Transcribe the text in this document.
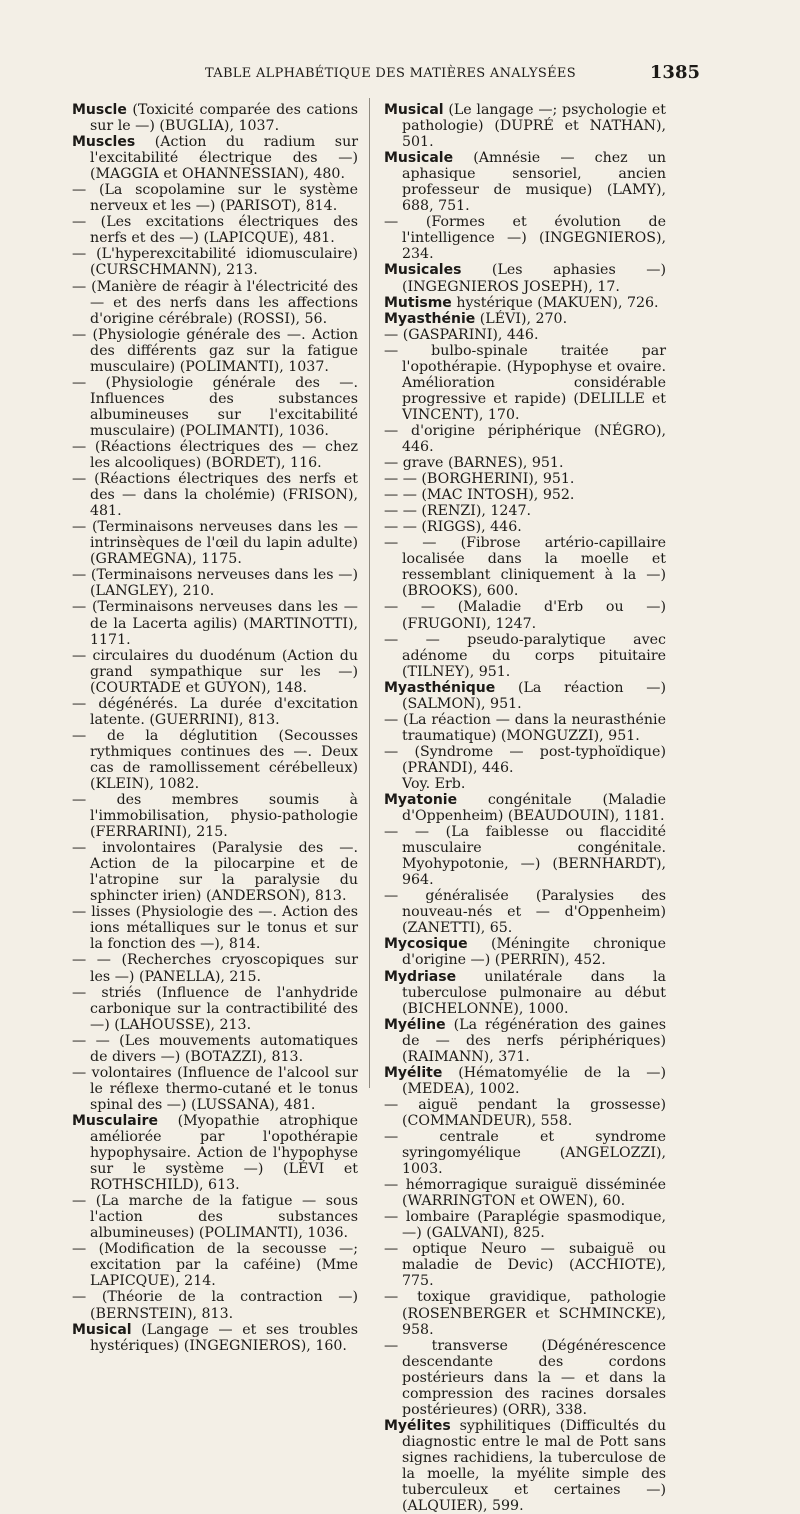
TABLE ALPHABÉTIQUE DES MATIÈRES ANALYSÉES	1385

Muscle (Toxicité comparée des cations sur le —) (BUGLIA), 1037.

Muscles (Action du radium sur l'excitabilité électrique des —) (MAGGIA et OHANNESSIAN), 480.

— (La scopolamine sur le système nerveux et les —) (PARISOT), 814.

— (Les excitations électriques des nerfs et des —) (LAPICQUE), 481.

— (L'hyperexcitabilité idiomusculaire) (CURSCHMANN), 213.

— (Manière de réagir à l'électricité des — et des nerfs dans les affections d'origine cérébrale) (ROSSI), 56.

— (Physiologie générale des —. Action des différents gaz sur la fatigue musculaire) (POLIMANTI), 1037.

— (Physiologie générale des —. Influences des substances albumineuses sur l'excitabilité musculaire) (POLIMANTI), 1036.

— (Réactions électriques des — chez les alcooliques) (BORDET), 116.

— (Réactions électriques des nerfs et des — dans la cholémie) (FRISON), 481.

— (Terminaisons nerveuses dans les — intrinsèques de l'œil du lapin adulte) (GRAMEGNA), 1175.

— (Terminaisons nerveuses dans les —) (LANGLEY), 210.

— (Terminaisons nerveuses dans les — de la Lacerta agilis) (MARTINOTTI), 1171.

— circulaires du duodénum (Action du grand sympathique sur les —) (COURTADE et GUYON), 148.

— dégénérés. La durée d'excitation latente. (GUERRINI), 813.

— de la déglutition (Secousses rythmiques continues des —. Deux cas de ramollissement cérébelleux) (KLEIN), 1082.

— des membres soumis à l'immobilisation, physio-pathologie (FERRARINI), 215.

— involontaires (Paralysie des —. Action de la pilocarpine et de l'atropine sur la paralysie du sphincter irien) (ANDERSON), 813.

— lisses (Physiologie des —. Action des ions métalliques sur le tonus et sur la fonction des —), 814.

— — (Recherches cryoscopiques sur les —) (PANELLA), 215.

— striés (Influence de l'anhydride carbonique sur la contractibilité des —) (LAHOUSSE), 213.

— — (Les mouvements automatiques de divers —) (BOTAZZI), 813.

— volontaires (Influence de l'alcool sur le réflexe thermo-cutané et le tonus spinal des —) (LUSSANA), 481.

Musculaire (Myopathie atrophique améliorée par l'opothérapie hypophysaire. Action de l'hypophyse sur le système —) (LÉVI et ROTHSCHILD), 613.

— (La marche de la fatigue — sous l'action des substances albumineuses) (POLIMANTI), 1036.

— (Modification de la secousse —; excitation par la caféine) (Mme LAPICQUE), 214.

— (Théorie de la contraction —) (BERNSTEIN), 813.

Musical (Langage — et ses troubles hystériques) (INGEGNIEROS), 160.

Musical (Le langage —; psychologie et pathologie) (DUPRÉ et NATHAN), 501.

Musicale (Amnésie — chez un aphasique sensoriel, ancien professeur de musique) (LAMY), 688, 751.

— (Formes et évolution de l'intelligence —) (INGEGNIEROS), 234.

Musicales (Les aphasies —) (INGEGNIEROS JOSEPH), 17.

Mutisme hystérique (MAKUEN), 726.

Myasthénie (LÉVI), 270.

— (GASPARINI), 446.

— bulbo-spinale traitée par l'opothérapie. (Hypophyse et ovaire. Amélioration considérable progressive et rapide) (DELILLE et VINCENT), 170.

— d'origine périphérique (NÉGRO), 446.

— grave (BARNES), 951.

— — (BORGHERINI), 951.

— — (MAC INTOSH), 952.

— — (RENZI), 1247.

— — (RIGGS), 446.

— — (Fibrose artério-capillaire localisée dans la moelle et ressemblant cliniquement à la —) (BROOKS), 600.

— — (Maladie d'Erb ou —) (FRUGONI), 1247.

— — pseudo-paralytique avec adénome du corps pituitaire (TILNEY), 951.

Myasthénique (La réaction —) (SALMON), 951.

— (La réaction — dans la neurasthénie traumatique) (MONGUZZI), 951.

— (Syndrome — post-typhoïdique) (PRANDI), 446.

Voy. Erb.

Myatonie congénitale (Maladie d'Oppenheim) (BEAUDOUIN), 1181.

— — (La faiblesse ou flaccidité musculaire congénitale. Myohypotonie, —) (BERNHARDT), 964.

— généralisée (Paralysies des nouveau-nés et — d'Oppenheim) (ZANETTI), 65.

Mycosique (Méningite chronique d'origine —) (PERRIN), 452.

Mydriase unilatérale dans la tuberculose pulmonaire au début (BICHELONNE), 1000.

Myéline (La régénération des gaines de — des nerfs périphériques) (RAIMANN), 371.

Myélite (Hématomyélie de la —) (MEDEA), 1002.

— aiguë pendant la grossesse) (COMMANDEUR), 558.

— centrale et syndrome syringomyélique (ANGELOZZI), 1003.

— hémorragique suraiguë disséminée (WARRINGTON et OWEN), 60.

— lombaire (Paraplégie spasmodique, —) (GALVANI), 825.

— optique Neuro — subaiguë ou maladie de Devic) (ACCHIOTE), 775.

— toxique gravidique, pathologie (ROSENBERGER et SCHMINCKE), 958.

— transverse (Dégénérescence descendante des cordons postérieurs dans la — et dans la compression des racines dorsales postérieures) (ORR), 338.

Myélites syphilitiques (Difficultés du diagnostic entre le mal de Pott sans signes rachidiens, la tuberculose de la moelle, la myélite simple des tuberculeux et certaines —) (ALQUIER), 599.
